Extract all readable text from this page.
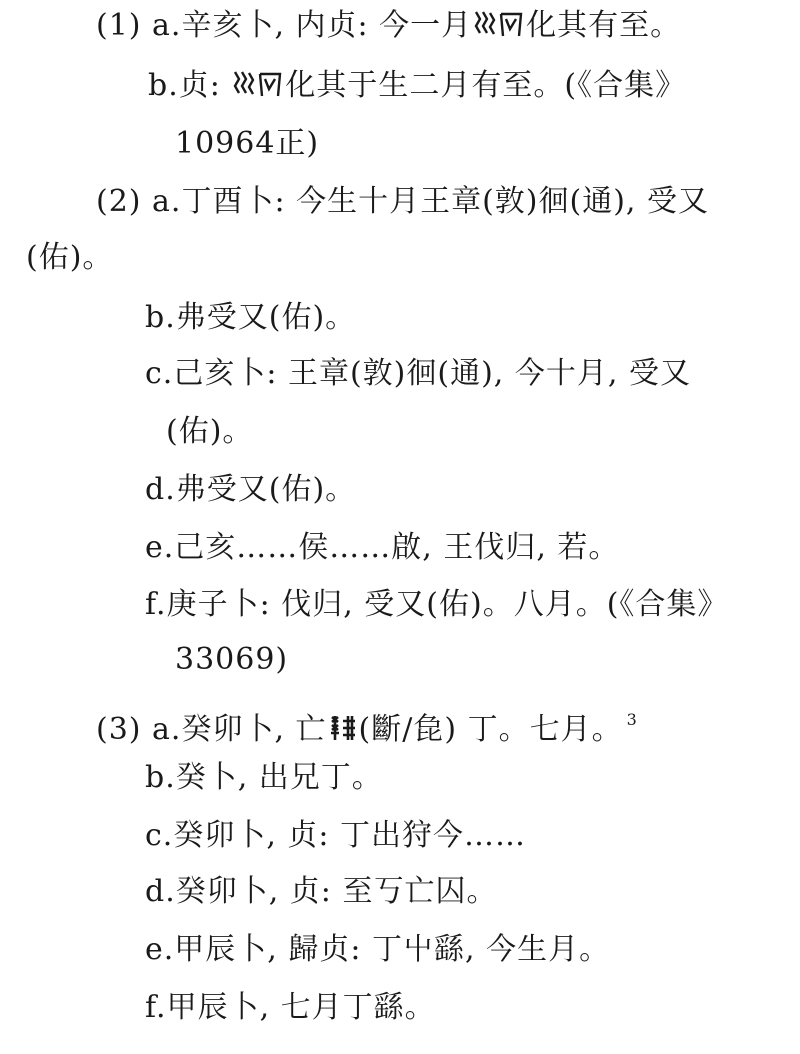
(1) a.辛亥卜, 内贞: 今一月 化其有至。
b.贞:
化其于生二月有至。(《合集》
10964正)
(2) a.丁酉卜: 今生十月王章(敦)徊(通), 受又
(佑)。
b.弗受又(佑)。
c.己亥卜: 王章(敦)徊(通), 今十月, 受又
(佑)。
d.弗受又(佑)。
e.己亥……侯……啟, 王伐归, 若。
f.庚子卜: 伐归, 受又(佑)。八月。(《合集》
33069)
(3) a.癸卯卜, 亡 (斷/㲋) 丁。七月。 $^3$
b.癸卜, 出兄丁。
c.癸卯卜, 贞: 丁出狩今……
d.癸卯卜, 贞: 至丂亡囚。
e.甲辰卜, 歸贞: 丁屮繇, 今生月。
f.甲辰卜, 七月丁繇。
